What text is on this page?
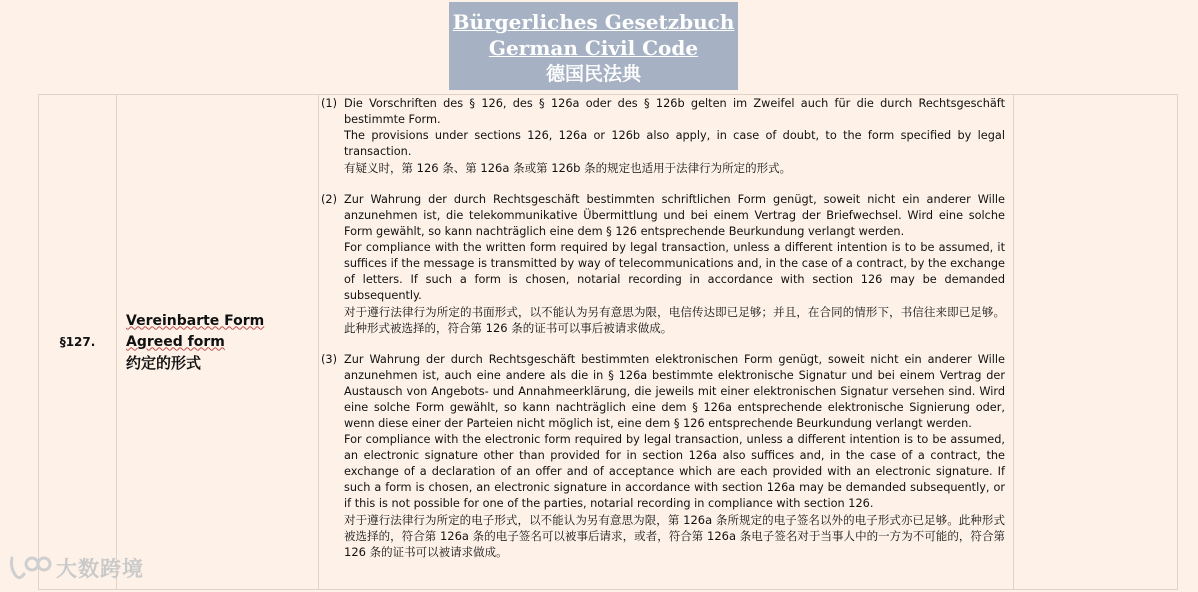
Bürgerliches Gesetzbuch
German Civil Code
德国民法典
§127.	
Vereinbarte Form
Agreed form
约定的形式

(1) Die Vorschriften des § 126, des § 126a oder des § 126b gelten im Zweifel auch für die durch Rechtsgeschäft bestimmte Form.

The provisions under sections 126, 126a or 126b also apply, in case of doubt, to the form specified by legal transaction.

有疑义时，第 126 条、第 126a 条或第 126b 条的规定也适用于法律行为所定的形式。

(2) Zur Wahrung der durch Rechtsgeschäft bestimmten schriftlichen Form genügt, soweit nicht ein anderer Wille anzunehmen ist, die telekommunikative Übermittlung und bei einem Vertrag der Briefwechsel. Wird eine solche Form gewählt, so kann nachträglich eine dem § 126 entsprechende Beurkundung verlangt werden.

For compliance with the written form required by legal transaction, unless a different intention is to be assumed, it suffices if the message is transmitted by way of telecommunications and, in the case of a contract, by the exchange of letters. If such a form is chosen, notarial recording in accordance with section 126 may be demanded subsequently.

对于遵行法律行为所定的书面形式，以不能认为另有意思为限，电信传达即已足够；并且，在合同的情形下，书信往来即已足够。此种形式被选择的，符合第 126 条的证书可以事后被请求做成。

(3) Zur Wahrung der durch Rechtsgeschäft bestimmten elektronischen Form genügt, soweit nicht ein anderer Wille anzunehmen ist, auch eine andere als die in § 126a bestimmte elektronische Signatur und bei einem Vertrag der Austausch von Angebots- und Annahmeerklärung, die jeweils mit einer elektronischen Signatur versehen sind. Wird eine solche Form gewählt, so kann nachträglich eine dem § 126a entsprechende elektronische Signierung oder, wenn diese einer der Parteien nicht möglich ist, eine dem § 126 entsprechende Beurkundung verlangt werden.

For compliance with the electronic form required by legal transaction, unless a different intention is to be assumed, an electronic signature other than provided for in section 126a also suffices and, in the case of a contract, the exchange of a declaration of an offer and of acceptance which are each provided with an electronic signature. If such a form is chosen, an electronic signature in accordance with section 126a may be demanded subsequently, or if this is not possible for one of the parties, notarial recording in compliance with section 126.

对于遵行法律行为所定的电子形式，以不能认为另有意思为限，第 126a 条所规定的电子签名以外的电子形式亦已足够。此种形式被选择的，符合第 126a 条的电子签名可以被事后请求，或者，符合第 126a 条电子签名对于当事人中的一方为不可能的，符合第 126 条的证书可以被请求做成。

大数跨境
